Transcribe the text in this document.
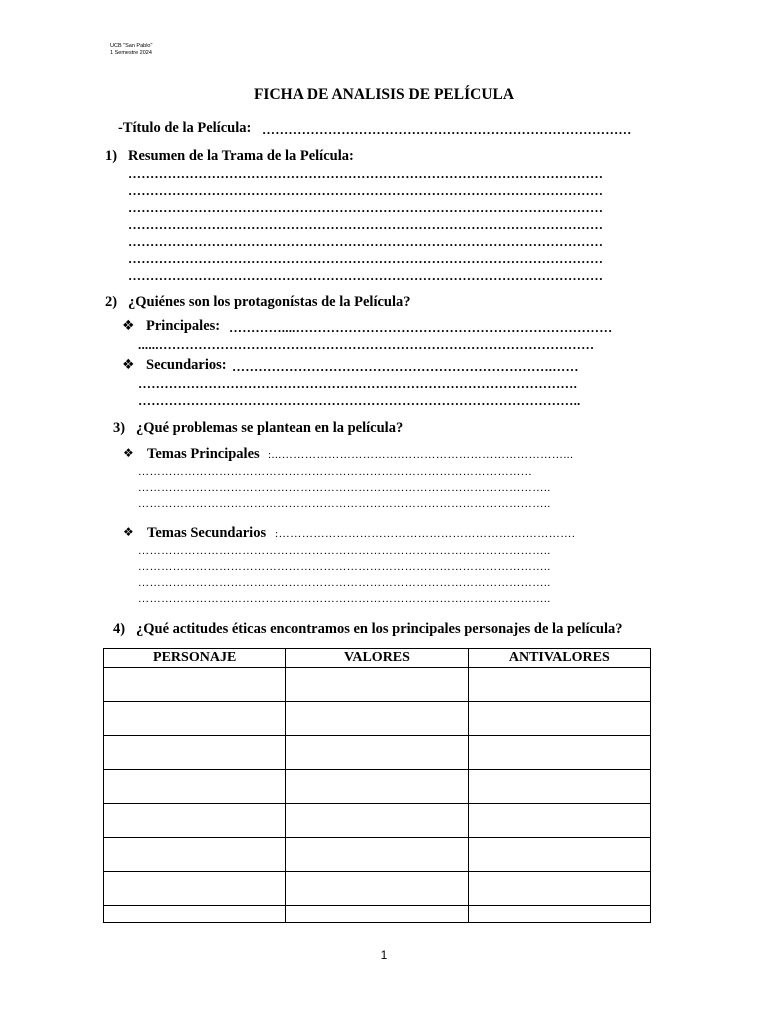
UCB "San Pablo"
1 Semestre 2024
FICHA DE ANALISIS DE PELÍCULA
-Título de la Película: …………………………………………………………………………
1) Resumen de la Trama de la Película:
………………………………………………………………………………………………
………………………………………………………………………………………………
………………………………………………………………………………………………
………………………………………………………………………………………………
………………………………………………………………………………………………
………………………………………………………………………………………………
………………………………………………………………………………………………
2) ¿Quiénes son los protagonístas de la Película?
❖ Principales: …………....………………………………………………………………
......………………………………………………………………………………………
❖ Secundarios: ……………………………………………………………….……
……………………………………………………………………………………….
………………………………………………………………………………………..
3) ¿Qué problemas se plantean en la película?
❖ Temas Principales :...………………………….……………………………………...
…………………………………………………………………………………………
……………………………………………………………………………………………..
……………………………………………………………………………………………..
❖ Temas Secundarios :……………………………………………………….………….
……………………………………………………………………………………………..
……………………………………………………………………………………………..
……………………………………………………………………………………………..
……………………………………………………………………………………………..
4) ¿Qué actitudes éticas encontramos en los principales personajes de la película?
PERSONAJE	VALORES	ANTIVALORES

1
